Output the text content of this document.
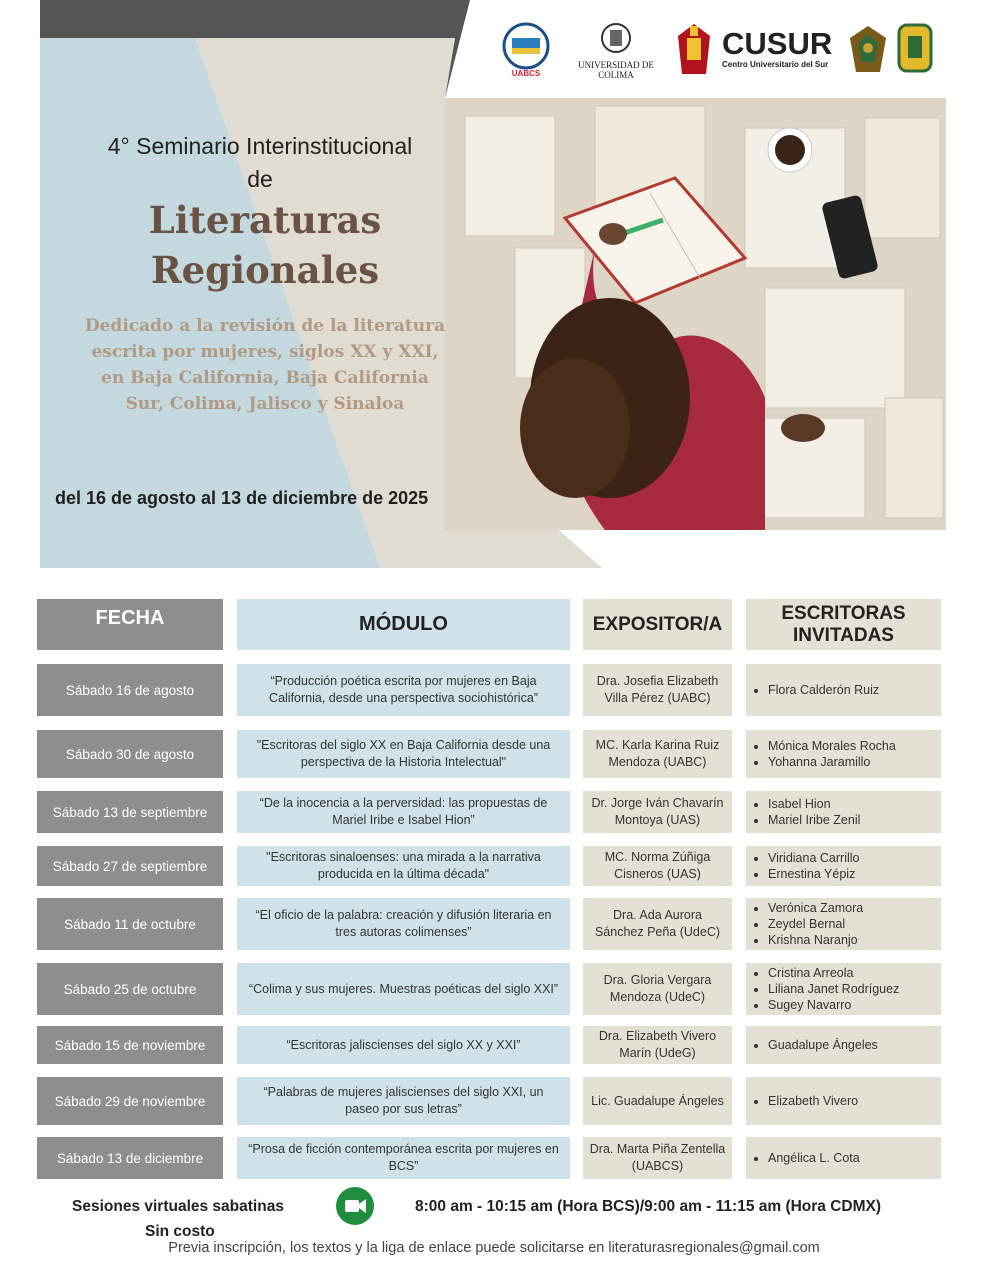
UABCS
UNIVERSIDAD DE COLIMA
CUSUR
Centro Universitario del Sur
4° Seminario Interinstitucional
de
Literaturas
Regionales
Dedicado a la revisión de la literatura
escrita por mujeres, siglos XX y XXI,
en Baja California, Baja California
Sur, Colima, Jalisco y Sinaloa
del 16 de agosto al 13 de diciembre de 2025
FECHA	MÓDULO	EXPOSITOR/A
ESCRITORAS INVITADAS
Sábado 16 de agosto
“Producción poética escrita por mujeres en Baja California, desde una perspectiva sociohistórica”
Dra. Josefia Elizabeth Villa Pérez (UABC)
• Flora Calderón Ruiz
Sábado 30 de agosto
"Escritoras del siglo XX en Baja California desde una perspectiva de la Historia Intelectual"
MC. Karla Karina Ruiz Mendoza (UABC)
• Mónica Morales Rocha
• Yohanna Jaramillo
Sábado 13 de septiembre
“De la inocencia a la perversidad: las propuestas de Mariel Iribe e Isabel Hion”
Dr. Jorge Iván Chavarín Montoya (UAS)
• Isabel Hion
• Mariel Iribe Zenil
Sábado 27 de septiembre
"Escritoras sinaloenses: una mirada a la narrativa producida en la última década"
MC. Norma Zúñiga Cisneros (UAS)
• Viridiana Carrillo
• Ernestina Yépiz
Sábado 11 de octubre
“El oficio de la palabra: creación y difusión literaria en tres autoras colimenses”
Dra. Ada Aurora Sánchez Peña (UdeC)
• Verónica Zamora
• Zeydel Bernal
• Krishna Naranjo
Sábado 25 de octubre	“Colima y sus mujeres. Muestras poéticas del siglo XXI”
Dra. Gloria Vergara Mendoza (UdeC)
• Cristina Arreola
• Liliana Janet Rodríguez
• Sugey Navarro
Sábado 15 de noviembre	“Escritoras jaliscienses del siglo XX y XXI”
Dra. Elizabeth Vivero Marín (UdeG)
• Guadalupe Ángeles
Sábado 29 de noviembre
“Palabras de mujeres jaliscienses del siglo XXI, un paseo por sus letras”
Lic. Guadalupe Ángeles
•	Elizabeth Vivero
Sábado 13 de diciembre
“Prosa de ficción contemporánea escrita por mujeres en BCS”
Dra. Marta Piña Zentella (UABCS)
• Angélica L. Cota
Sesiones virtuales sabatinas
Sin costo
8:00 am - 10:15 am (Hora BCS)/9:00 am - 11:15 am (Hora CDMX)
Previa inscripción, los textos y la liga de enlace puede solicitarse en literaturasregionales@gmail.com
